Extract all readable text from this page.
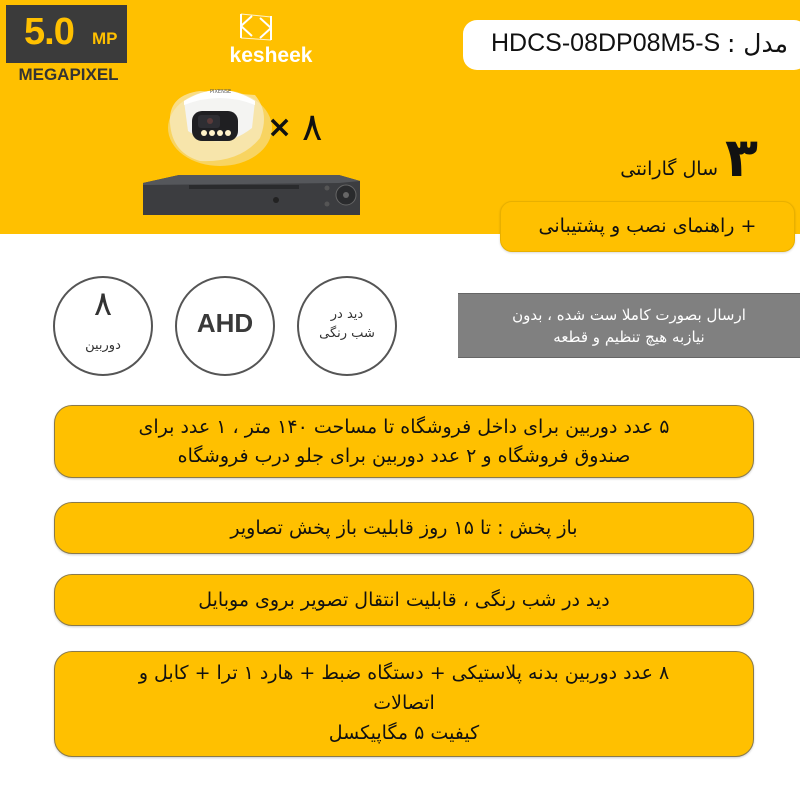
5.0 MP
MEGAPIXEL
kesheek
PIXENSE
× ۸
مدل :
HDCS-08DP08M5-S
۳
سال گارانتی
+ راهنمای نصب و پشتیبانی
۸
دوربین
AHD	دید در
شب رنگی
ارسال بصورت کاملا ست شده ، بدون
نیازبه هیچ تنظیم و قطعه
۵ عدد دوربین برای داخل فروشگاه تا مساحت ۱۴۰ متر ، ۱ عدد برای
صندوق فروشگاه و ۲ عدد دوربین برای جلو درب فروشگاه
باز پخش : تا ۱۵ روز قابلیت باز پخش تصاویر
دید در شب رنگی ، قابلیت انتقال تصویر بروی موبایل
۸ عدد دوربین بدنه پلاستیکی + دستگاه ضبط + هارد ۱ ترا + کابل و
اتصالات
کیفیت ۵ مگاپیکسل
